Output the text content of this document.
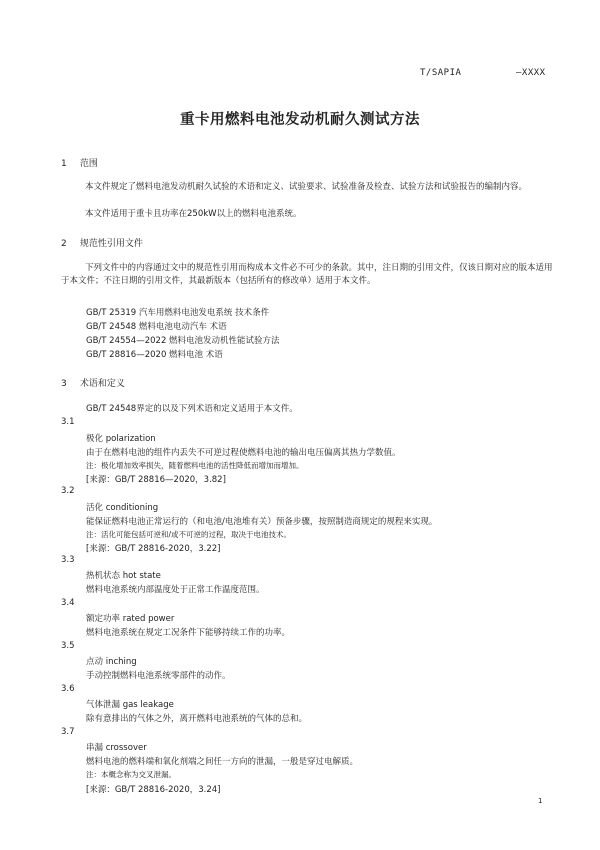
T/SAPIA	—XXXX
重卡用燃料电池发动机耐久测试方法
1 范围
本文件规定了燃料电池发动机耐久试验的术语和定义、试验要求、试验准备及检查、试验方法和试验报告的编制内容。
本文件适用于重卡且功率在250kW以上的燃料电池系统。
2 规范性引用文件
下列文件中的内容通过文中的规范性引用而构成本文件必不可少的条款。其中，注日期的引用文件，仅该日期对应的版本适用于本文件；不注日期的引用文件，其最新版本（包括所有的修改单）适用于本文件。
GB/T 25319 汽车用燃料电池发电系统 技术条件
GB/T 24548 燃料电池电动汽车 术语
GB/T 24554—2022 燃料电池发动机性能试验方法
GB/T 28816—2020 燃料电池 术语
3 术语和定义
GB/T 24548界定的以及下列术语和定义适用于本文件。
3.1
极化 polarization
由于在燃料电池的组件内丢失不可逆过程使燃料电池的输出电压偏离其热力学数值。
注：极化增加效率损失，随着燃料电池的活性降低而增加而增加。
[来源：GB/T 28816—2020，3.82]
3.2
活化 conditioning
能保证燃料电池正常运行的（和电池/电池堆有关）预备步骤，按照制造商规定的规程来实现。
注：活化可能包括可逆和/或不可逆的过程，取决于电池技术。
[来源：GB/T 28816-2020，3.22]
3.3
热机状态 hot state
燃料电池系统内部温度处于正常工作温度范围。
3.4
额定功率 rated power
燃料电池系统在规定工况条件下能够持续工作的功率。
3.5
点动 inching
手动控制燃料电池系统零部件的动作。
3.6
气体泄漏 gas leakage
除有意排出的气体之外，离开燃料电池系统的气体的总和。
3.7
串漏 crossover
燃料电池的燃料端和氧化剂端之间任一方向的泄漏，一般是穿过电解质。
注：本概念称为交叉泄漏。
[来源：GB/T 28816-2020，3.24]
1
